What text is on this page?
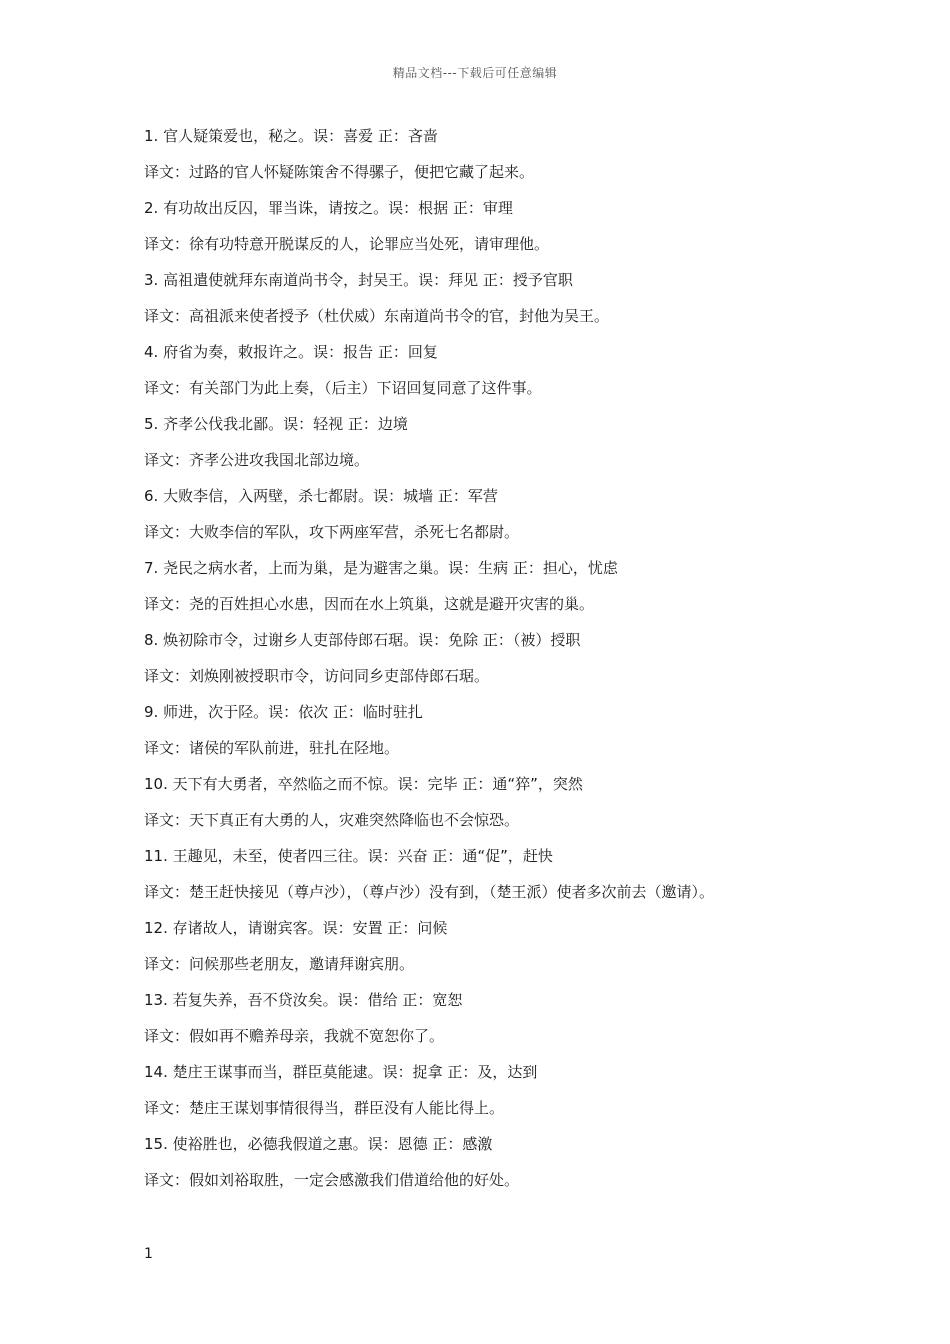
精品文档---下载后可任意编辑
1. 官人疑策爱也，秘之。误：喜爱 正：吝啬
译文：过路的官人怀疑陈策舍不得骡子，便把它藏了起来。
2. 有功故出反囚，罪当诛，请按之。误：根据 正：审理
译文：徐有功特意开脱谋反的人，论罪应当处死，请审理他。
3. 高祖遣使就拜东南道尚书令，封吴王。误：拜见 正：授予官职
译文：高祖派来使者授予（杜伏威）东南道尚书令的官，封他为吴王。
4. 府省为奏，敕报许之。误：报告 正：回复
译文：有关部门为此上奏，（后主）下诏回复同意了这件事。
5. 齐孝公伐我北鄙。误：轻视 正：边境
译文：齐孝公进攻我国北部边境。
6. 大败李信，入两壁，杀七都尉。误：城墙 正：军营
译文：大败李信的军队，攻下两座军营，杀死七名都尉。
7. 尧民之病水者，上而为巢，是为避害之巢。误：生病 正：担心，忧虑
译文：尧的百姓担心水患，因而在水上筑巢，这就是避开灾害的巢。
8. 焕初除市令，过谢乡人吏部侍郎石琚。误：免除 正：（被）授职
译文：刘焕刚被授职市令，访问同乡吏部侍郎石琚。
9. 师进，次于陉。误：依次 正：临时驻扎
译文：诸侯的军队前进，驻扎在陉地。
10. 天下有大勇者，卒然临之而不惊。误：完毕 正：通“猝”，突然
译文：天下真正有大勇的人，灾难突然降临也不会惊恐。
11. 王趣见，未至，使者四三往。误：兴奋 正：通“促”，赶快
译文：楚王赶快接见（尊卢沙），（尊卢沙）没有到，（楚王派）使者多次前去（邀请）。
12. 存诸故人，请谢宾客。误：安置 正：问候
译文：问候那些老朋友，邀请拜谢宾朋。
13. 若复失养，吾不贷汝矣。误：借给 正：宽恕
译文：假如再不赡养母亲，我就不宽恕你了。
14. 楚庄王谋事而当，群臣莫能逮。误：捉拿 正：及，达到
译文：楚庄王谋划事情很得当，群臣没有人能比得上。
15. 使裕胜也，必德我假道之惠。误：恩德 正：感激
译文：假如刘裕取胜，一定会感激我们借道给他的好处。
1
